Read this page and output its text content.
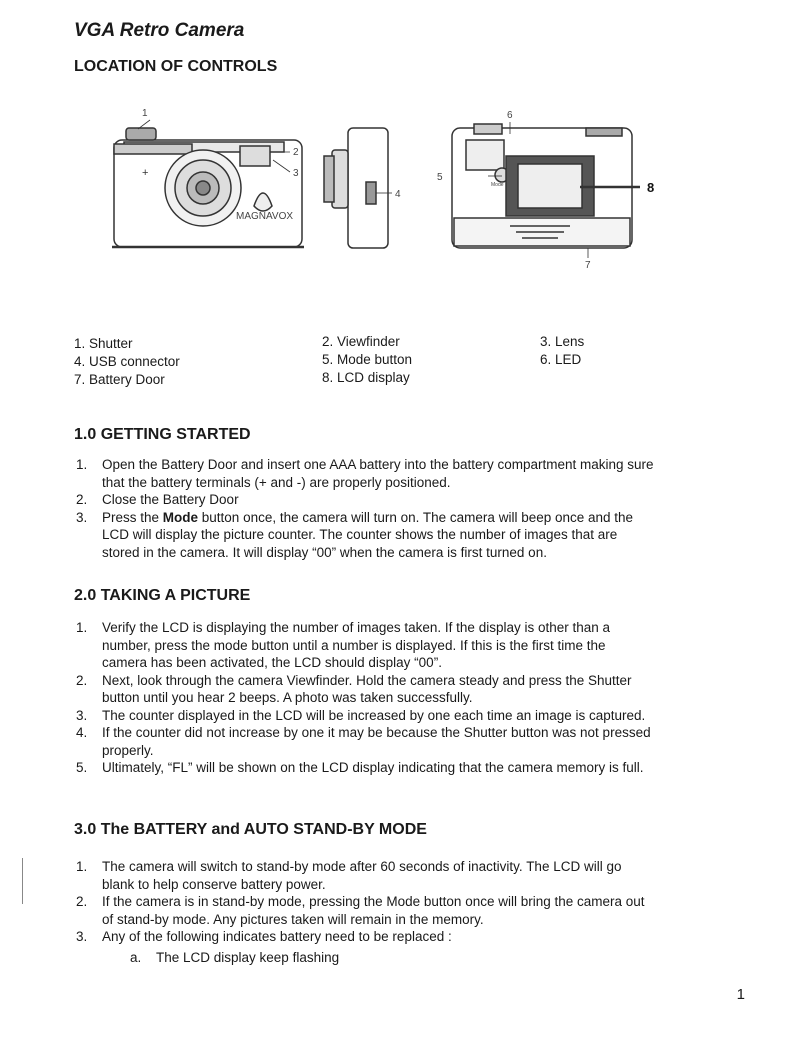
VGA Retro Camera
LOCATION OF CONTROLS
MAGNAVOX
+
Mode
1
2
3
4
5
6
7
8
1. Shutter
4. USB connector
7. Battery Door
2. Viewfinder
5. Mode button
8. LCD display
3. Lens
6. LED
1.0 GETTING STARTED
1. Open the Battery Door and insert one AAA battery into the battery compartment making sure
that the battery terminals (+ and -) are properly positioned.
2. Close the Battery Door
3. Press the Mode button once, the camera will turn on. The camera will beep once and the
LCD will display the picture counter. The counter shows the number of images that are
stored in the camera. It will display “00” when the camera is first turned on.
2.0 TAKING A PICTURE
1. Verify the LCD is displaying the number of images taken. If the display is other than a
number, press the mode button until a number is displayed. If this is the first time the
camera has been activated, the LCD should display “00”.
2. Next, look through the camera Viewfinder. Hold the camera steady and press the Shutter
button until you hear 2 beeps. A photo was taken successfully.
3. The counter displayed in the LCD will be increased by one each time an image is captured.
4. If the counter did not increase by one it may be because the Shutter button was not pressed
properly.
5. Ultimately, “FL” will be shown on the LCD display indicating that the camera memory is full.
3.0 The BATTERY and AUTO STAND-BY MODE
1. The camera will switch to stand-by mode after 60 seconds of inactivity. The LCD will go
blank to help conserve battery power.
2. If the camera is in stand-by mode, pressing the Mode button once will bring the camera out
of stand-by mode. Any pictures taken will remain in the memory.
3. Any of the following indicates battery need to be replaced :
a. The LCD display keep flashing
1
